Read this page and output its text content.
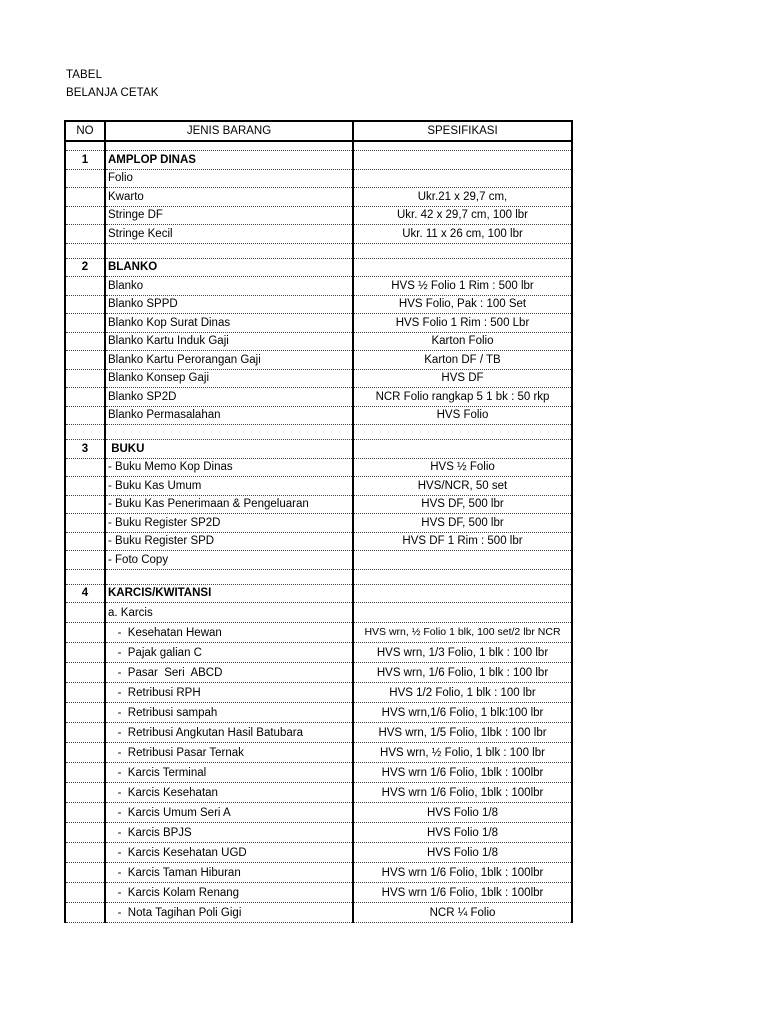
TABEL
BELANJA CETAK
NO	JENIS BARANG	SPESIFIKASI

1	AMPLOP DINAS	
	Folio	
	Kwarto	Ukr.21 x 29,7 cm,
	Stringe DF	Ukr. 42 x 29,7 cm, 100 lbr
	Stringe Kecil	Ukr. 11 x 26 cm, 100 lbr

2	BLANKO	
	Blanko	HVS ½ Folio 1 Rim : 500 lbr
	Blanko SPPD	HVS Folio, Pak : 100 Set
	Blanko Kop Surat Dinas	HVS Folio 1 Rim : 500 Lbr
	Blanko Kartu Induk Gaji	Karton Folio
	Blanko Kartu Perorangan Gaji	Karton DF / TB
	Blanko Konsep Gaji	HVS DF
	Blanko SP2D	NCR Folio rangkap 5 1 bk : 50 rkp
	Blanko Permasalahan	HVS Folio

3	BUKU	
	- Buku Memo Kop Dinas	HVS ½ Folio
	- Buku Kas Umum	HVS/NCR, 50 set
	- Buku Kas Penerimaan & Pengeluaran	HVS DF, 500 lbr
	- Buku Register SP2D	HVS DF, 500 lbr
	- Buku Register SPD	HVS DF 1 Rim : 500 lbr
	- Foto Copy	

4	KARCIS/KWITANSI	
	a. Karcis	
	-  Kesehatan Hewan	HVS wrn, ½ Folio 1 blk, 100 set/2 lbr NCR
	-  Pajak galian C	HVS wrn, 1/3 Folio, 1 blk : 100 lbr
	-  Pasar  Seri  ABCD	HVS wrn, 1/6 Folio, 1 blk : 100 lbr
	-  Retribusi RPH	HVS 1/2 Folio, 1 blk : 100 lbr
	-  Retribusi sampah	HVS wrn,1/6 Folio, 1 blk:100 lbr
	-  Retribusi Angkutan Hasil Batubara	HVS wrn, 1/5 Folio, 1lbk : 100 lbr
	-  Retribusi Pasar Ternak	HVS wrn, ½ Folio, 1 blk : 100 lbr
	-  Karcis Terminal	HVS wrn 1/6 Folio, 1blk : 100lbr
	-  Karcis Kesehatan	HVS wrn 1/6 Folio, 1blk : 100lbr
	-  Karcis Umum Seri A	HVS Folio 1/8
	-  Karcis BPJS	HVS Folio 1/8
	-  Karcis Kesehatan UGD	HVS Folio 1/8
	-  Karcis Taman Hiburan	HVS wrn 1/6 Folio, 1blk : 100lbr
	-  Karcis Kolam Renang	HVS wrn 1/6 Folio, 1blk : 100lbr
	-  Nota Tagihan Poli Gigi	NCR ¼ Folio
